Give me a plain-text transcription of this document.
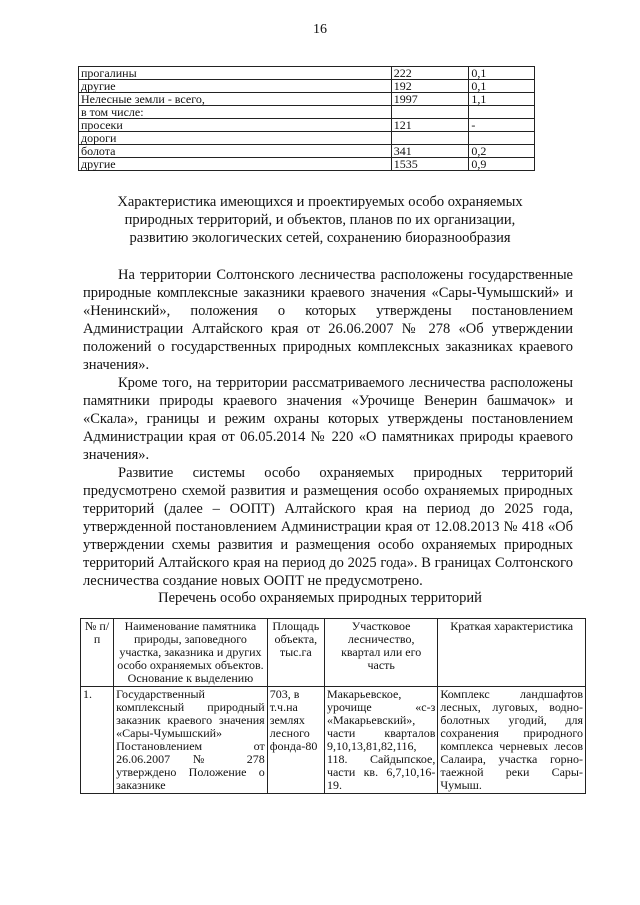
16
прогалины	222	0,1
другие	192	0,1
Нелесные земли - всего,	1997	1,1
в том числе:		
просеки	121	-
дороги		
болота	341	0,2
другие	1535	0,9
Характеристика имеющихся и проектируемых особо охраняемых природных территорий, и объектов, планов по их организации, развитию экологических сетей, сохранению биоразнообразия

На территории Солтонского лесничества расположены государственные природные комплексные заказники краевого значения «Сары-Чумышский» и «Ненинский», положения о которых утверждены постановлением Администрации Алтайского края от 26.06.2007 № 278 «Об утверждении положений о государственных природных комплексных заказниках краевого значения».

Кроме того, на территории рассматриваемого лесничества расположены памятники природы краевого значения «Урочище Венерин башмачок» и «Скала», границы и режим охраны которых утверждены постановлением Администрации края от 06.05.2014 № 220 «О памятниках природы краевого значения».

Развитие системы особо охраняемых природных территорий предусмотрено схемой развития и размещения особо охраняемых природных территорий (далее – ООПТ) Алтайского края на период до 2025 года, утвержденной постановлением Администрации края от 12.08.2013 № 418 «Об утверждении схемы развития и размещения особо охраняемых природных территорий Алтайского края на период до 2025 года». В границах Солтонского лесничества создание новых ООПТ не предусмотрено.

Перечень особо охраняемых природных территорий
№ п/п	Наименование памятника природы, заповедного участка, заказника и других особо охраняемых объектов. Основание к выделению	Площадь объекта, тыс.га	Участковое лесничество, квартал или его часть	Краткая характеристика
1.	Государственный комплексный природный заказник краевого значения «Сары-Чумышский» Постановлением от 26.06.2007 № 278 утверждено Положение о заказнике	703, в т.ч.на землях лесного фонда-80	Макарьевское, урочище «с-з «Макарьевский», части кварталов 9,10,13,81,82,116, 118. Сайдыпское, части кв. 6,7,10,16-19.	Комплекс ландшафтов лесных, луговых, водно-болотных угодий, для сохранения природного комплекса черневых лесов Салаира, участка горно-таежной реки Сары-Чумыш.
